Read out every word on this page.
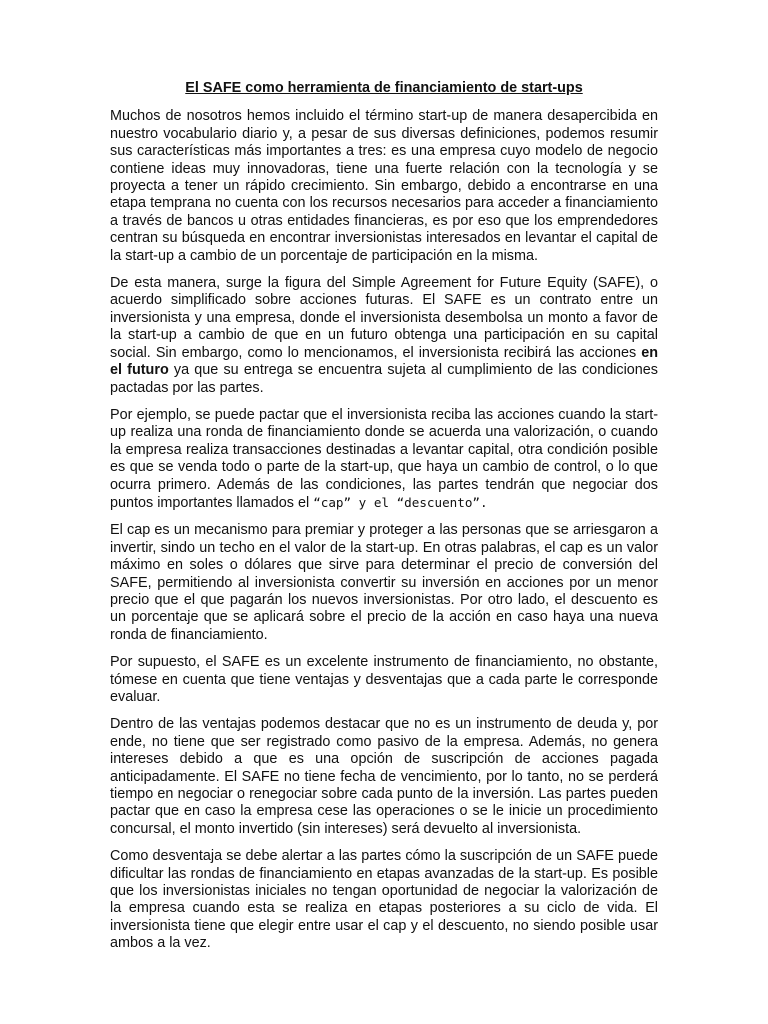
El SAFE como herramienta de financiamiento de start-ups

Muchos de nosotros hemos incluido el término start-up de manera desapercibida en nuestro vocabulario diario y, a pesar de sus diversas definiciones, podemos resumir sus características más importantes a tres: es una empresa cuyo modelo de negocio contiene ideas muy innovadoras, tiene una fuerte relación con la tecnología y se proyecta a tener un rápido crecimiento. Sin embargo, debido a encontrarse en una etapa temprana no cuenta con los recursos necesarios para acceder a financiamiento a través de bancos u otras entidades financieras, es por eso que los emprendedores centran su búsqueda en encontrar inversionistas interesados en levantar el capital de la start-up a cambio de un porcentaje de participación en la misma.

De esta manera, surge la figura del Simple Agreement for Future Equity (SAFE), o acuerdo simplificado sobre acciones futuras. El SAFE es un contrato entre un inversionista y una empresa, donde el inversionista desembolsa un monto a favor de la start-up a cambio de que en un futuro obtenga una participación en su capital social. Sin embargo, como lo mencionamos, el inversionista recibirá las acciones en el futuro ya que su entrega se encuentra sujeta al cumplimiento de las condiciones pactadas por las partes.

Por ejemplo, se puede pactar que el inversionista reciba las acciones cuando la start-up realiza una ronda de financiamiento donde se acuerda una valorización, o cuando la empresa realiza transacciones destinadas a levantar capital, otra condición posible es que se venda todo o parte de la start-up, que haya un cambio de control, o lo que ocurra primero. Además de las condiciones, las partes tendrán que negociar dos puntos importantes llamados el “cap” y el “descuento”.

El cap es un mecanismo para premiar y proteger a las personas que se arriesgaron a invertir, sindo un techo en el valor de la start-up. En otras palabras, el cap es un valor máximo en soles o dólares que sirve para determinar el precio de conversión del SAFE, permitiendo al inversionista convertir su inversión en acciones por un menor precio que el que pagarán los nuevos inversionistas. Por otro lado, el descuento es un porcentaje que se aplicará sobre el precio de la acción en caso haya una nueva ronda de financiamiento.

Por supuesto, el SAFE es un excelente instrumento de financiamiento, no obstante, tómese en cuenta que tiene ventajas y desventajas que a cada parte le corresponde evaluar.

Dentro de las ventajas podemos destacar que no es un instrumento de deuda y, por ende, no tiene que ser registrado como pasivo de la empresa. Además, no genera intereses debido a que es una opción de suscripción de acciones pagada anticipadamente. El SAFE no tiene fecha de vencimiento, por lo tanto, no se perderá tiempo en negociar o renegociar sobre cada punto de la inversión. Las partes pueden pactar que en caso la empresa cese las operaciones o se le inicie un procedimiento concursal, el monto invertido (sin intereses) será devuelto al inversionista.

Como desventaja se debe alertar a las partes cómo la suscripción de un SAFE puede dificultar las rondas de financiamiento en etapas avanzadas de la start-up. Es posible que los inversionistas iniciales no tengan oportunidad de negociar la valorización de la empresa cuando esta se realiza en etapas posteriores a su ciclo de vida. El inversionista tiene que elegir entre usar el cap y el descuento, no siendo posible usar ambos a la vez.
